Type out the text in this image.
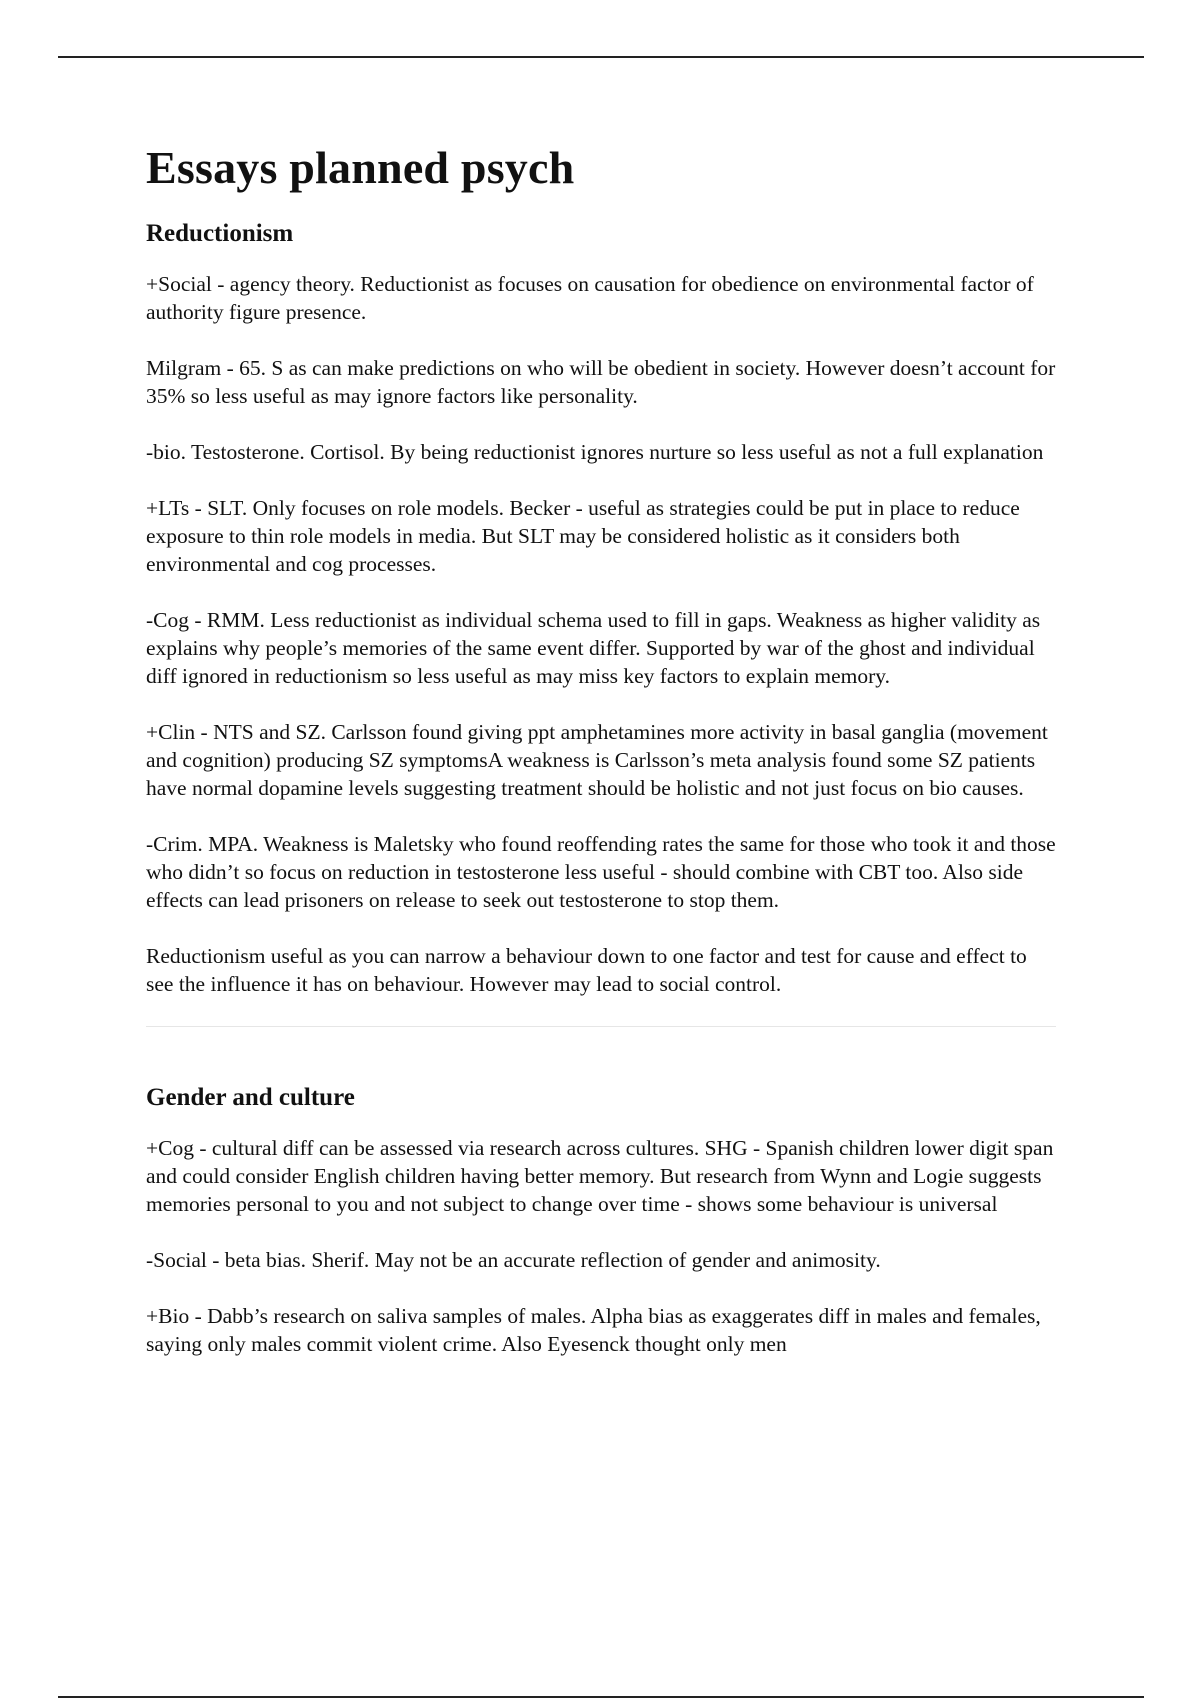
Essays planned psych
Reductionism

+Social - agency theory. Reductionist as focuses on causation for obedience on environmental factor of authority figure presence.

Milgram - 65. S as can make predictions on who will be obedient in society. However doesn’t account for 35% so less useful as may ignore factors like personality.

-bio. Testosterone. Cortisol. By being reductionist ignores nurture so less useful as not a full explanation

+LTs - SLT. Only focuses on role models. Becker - useful as strategies could be put in place to reduce exposure to thin role models in media. But SLT may be considered holistic as it considers both environmental and cog processes.

-Cog - RMM. Less reductionist as individual schema used to fill in gaps. Weakness as higher validity as explains why people’s memories of the same event differ. Supported by war of the ghost and individual diff ignored in reductionism so less useful as may miss key factors to explain memory.

+Clin - NTS and SZ. Carlsson found giving ppt amphetamines more activity in basal ganglia (movement and cognition) producing SZ symptomsA weakness is Carlsson’s meta analysis found some SZ patients have normal dopamine levels suggesting treatment should be holistic and not just focus on bio causes.

-Crim. MPA. Weakness is Maletsky who found reoffending rates the same for those who took it and those who didn’t so focus on reduction in testosterone less useful - should combine with CBT too. Also side effects can lead prisoners on release to seek out testosterone to stop them.

Reductionism useful as you can narrow a behaviour down to one factor and test for cause and effect to see the influence it has on behaviour. However may lead to social control.

Gender and culture

+Cog - cultural diff can be assessed via research across cultures. SHG - Spanish children lower digit span and could consider English children having better memory. But research from Wynn and Logie suggests memories personal to you and not subject to change over time - shows some behaviour is universal

-Social - beta bias. Sherif. May not be an accurate reflection of gender and animosity.

+Bio - Dabb’s research on saliva samples of males. Alpha bias as exaggerates diff in males and females, saying only males commit violent crime. Also Eyesenck thought only men
